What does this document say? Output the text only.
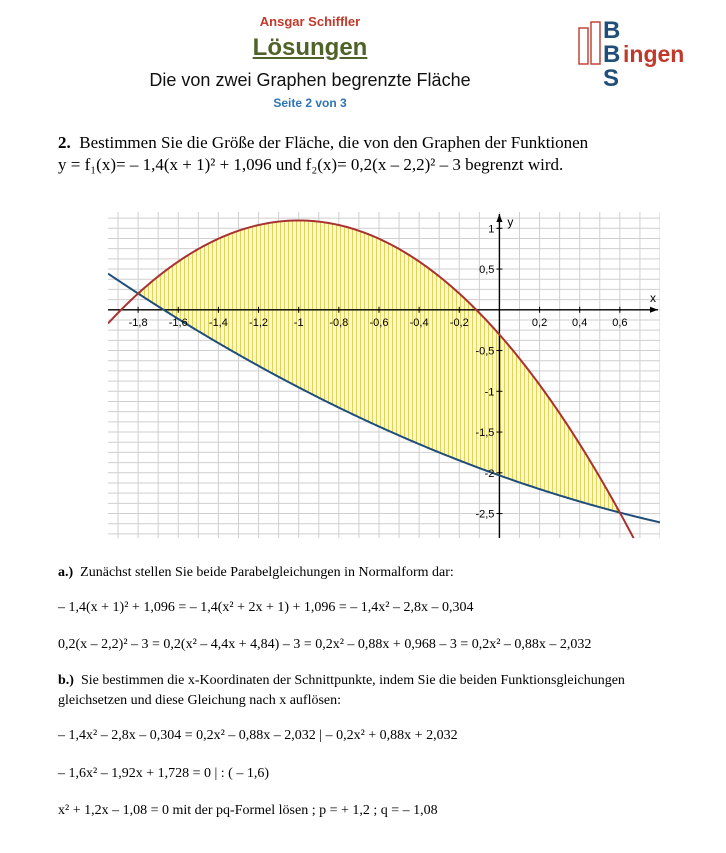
Ansgar Schiffler
Lösungen
Die von zwei Graphen begrenzte Fläche
Seite 2 von 3
B
B
S
ingen
2. Bestimmen Sie die Größe der Fläche, die von den Graphen der Funktionen
y = f₁(x)= – 1,4(x + 1)² + 1,096 und f₂(x)= 0,2(x – 2,2)² – 3 begrenzt wird.
-1,8 -1,6 -1,4 -1,2 -1 -0,8 -0,6 -0,4 -0,2	0,2 0,4 0,6
1
0,5
-0,5
-1
-1,5
-2
-2,5
x
y
a.) Zunächst stellen Sie beide Parabelgleichungen in Normalform dar:
– 1,4(x + 1)² + 1,096 = – 1,4(x² + 2x + 1) + 1,096 = – 1,4x² – 2,8x – 0,304
0,2(x – 2,2)² – 3 = 0,2(x² – 4,4x + 4,84) – 3 = 0,2x² – 0,88x + 0,968 – 3 = 0,2x² – 0,88x – 2,032
b.) Sie bestimmen die x-Koordinaten der Schnittpunkte, indem Sie die beiden Funktionsgleichungen
gleichsetzen und diese Gleichung nach x auflösen:
– 1,4x² – 2,8x – 0,304 = 0,2x² – 0,88x – 2,032 | – 0,2x² + 0,88x + 2,032
– 1,6x² – 1,92x + 1,728 = 0 | : ( – 1,6)
x² + 1,2x – 1,08 = 0 mit der pq-Formel lösen ; p = + 1,2 ; q = – 1,08
